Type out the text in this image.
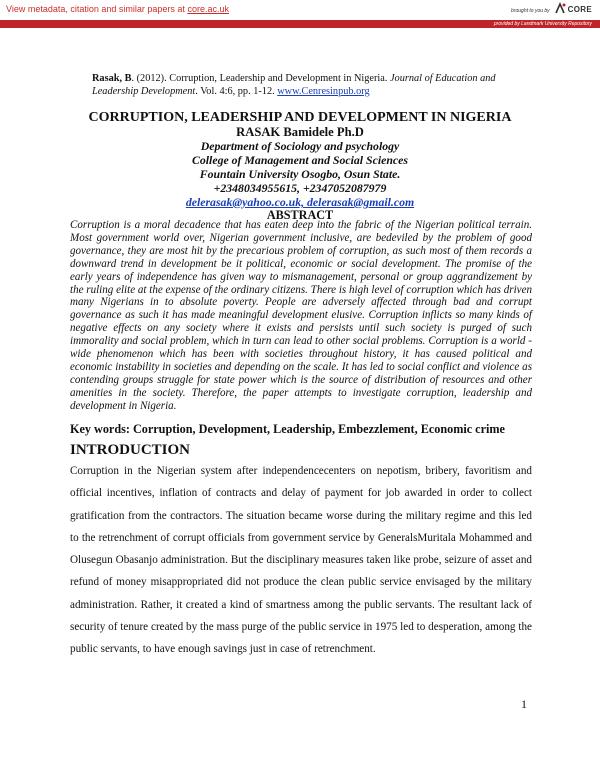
View metadata, citation and similar papers at core.ac.uk	brought to you by CORE
provided by Landmark University Repository
Rasak, B. (2012). Corruption, Leadership and Development in Nigeria. Journal of Education and Leadership Development. Vol. 4:6, pp. 1-12. www.Cenresinpub.org
CORRUPTION, LEADERSHIP AND DEVELOPMENT IN NIGERIA
RASAK Bamidele Ph.D
Department of Sociology and psychology
College of Management and Social Sciences
Fountain University Osogbo, Osun State.
+2348034955615, +2347052087979
delerasak@yahoo.co.uk, delerasak@gmail.com
ABSTRACT

Corruption is a moral decadence that has eaten deep into the fabric of the Nigerian political terrain. Most government world over, Nigerian government inclusive, are bedeviled by the problem of good governance, they are most hit by the precarious problem of corruption, as such most of them records a downward trend in development be it political, economic or social development. The promise of the early years of independence has given way to mismanagement, personal or group aggrandizement by the ruling elite at the expense of the ordinary citizens. There is high level of corruption which has driven many Nigerians in to absolute poverty. People are adversely affected through bad and corrupt governance as such it has made meaningful development elusive. Corruption inflicts so many kinds of negative effects on any society where it exists and persists until such society is purged of such immorality and social problem, which in turn can lead to other social problems. Corruption is a world - wide phenomenon which has been with societies throughout history, it has caused political and economic instability in societies and depending on the scale. It has led to social conflict and violence as contending groups struggle for state power which is the source of distribution of resources and other amenities in the society. Therefore, the paper attempts to investigate corruption, leadership and development in Nigeria.

Key words: Corruption, Development, Leadership, Embezzlement, Economic crime
INTRODUCTION

Corruption in the Nigerian system after independencecenters on nepotism, bribery, favoritism and official incentives, inflation of contracts and delay of payment for job awarded in order to collect gratification from the contractors. The situation became worse during the military regime and this led to the retrenchment of corrupt officials from government service by GeneralsMuritala Mohammed and Olusegun Obasanjo administration. But the disciplinary measures taken like probe, seizure of asset and refund of money misappropriated did not produce the clean public service envisaged by the military administration. Rather, it created a kind of smartness among the public servants. The resultant lack of security of tenure created by the mass purge of the public service in 1975 led to desperation, among the public servants, to have enough savings just in case of retrenchment.

1
